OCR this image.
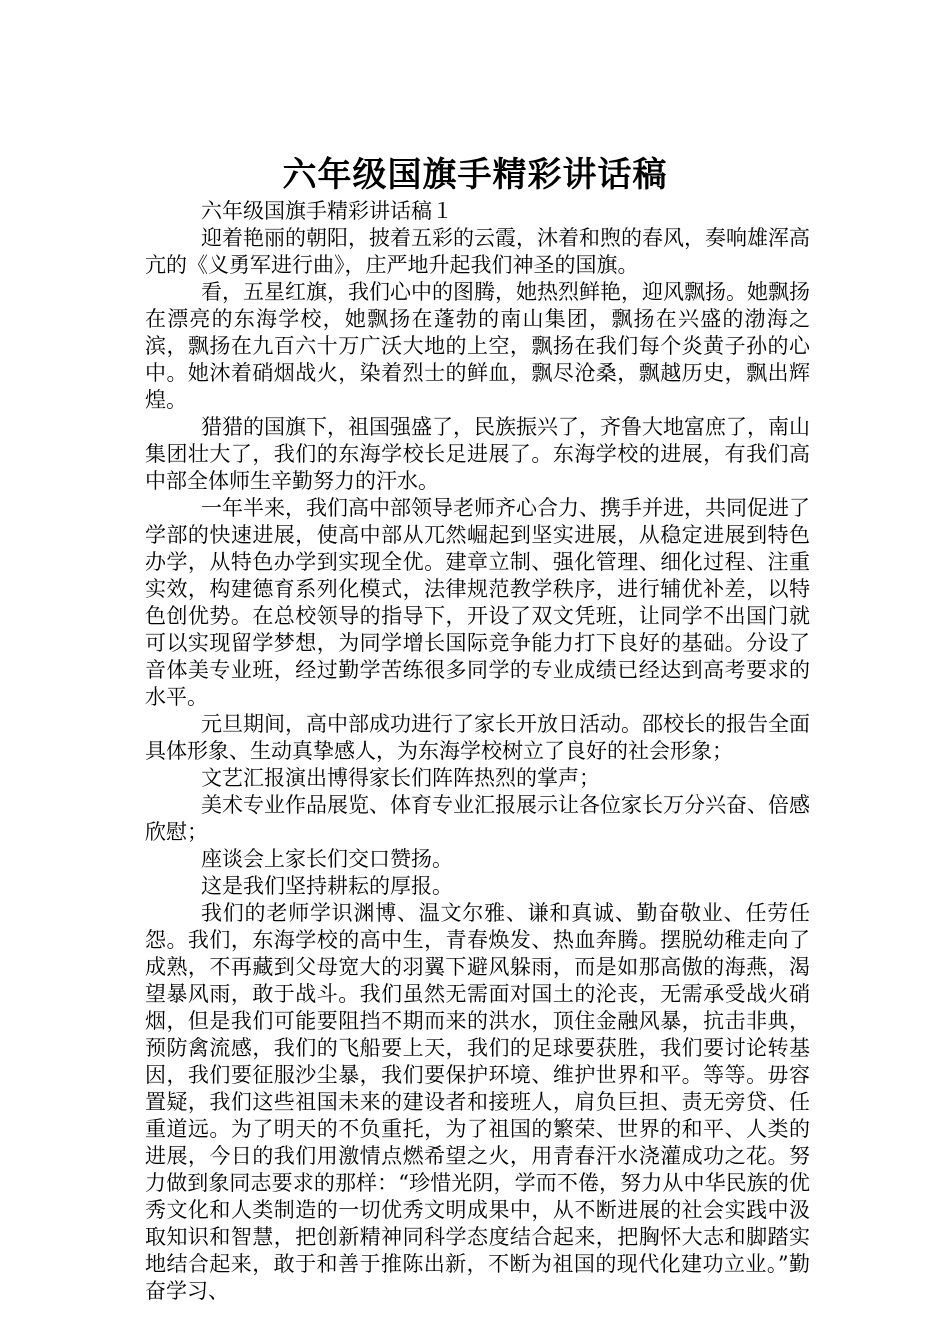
六年级国旗手精彩讲话稿

六年级国旗手精彩讲话稿１

迎着艳丽的朝阳，披着五彩的云霞，沐着和煦的春风，奏响雄浑高亢的《义勇军进行曲》，庄严地升起我们神圣的国旗。

看，五星红旗，我们心中的图腾，她热烈鲜艳，迎风飘扬。她飘扬在漂亮的东海学校，她飘扬在蓬勃的南山集团，飘扬在兴盛的渤海之滨，飘扬在九百六十万广沃大地的上空，飘扬在我们每个炎黄子孙的心中。她沐着硝烟战火，染着烈士的鲜血，飘尽沧桑，飘越历史，飘出辉煌。

猎猎的国旗下，祖国强盛了，民族振兴了，齐鲁大地富庶了，南山集团壮大了，我们的东海学校长足进展了。东海学校的进展，有我们高中部全体师生辛勤努力的汗水。

一年半来，我们高中部领导老师齐心合力、携手并进，共同促进了学部的快速进展，使高中部从兀然崛起到坚实进展，从稳定进展到特色办学，从特色办学到实现全优。建章立制、强化管理、细化过程、注重实效，构建德育系列化模式，法律规范教学秩序，进行辅优补差，以特色创优势。在总校领导的指导下，开设了双文凭班，让同学不出国门就可以实现留学梦想，为同学增长国际竞争能力打下良好的基础。分设了音体美专业班，经过勤学苦练很多同学的专业成绩已经达到高考要求的水平。

元旦期间，高中部成功进行了家长开放日活动。邵校长的报告全面具体形象、生动真挚感人，为东海学校树立了良好的社会形象；

文艺汇报演出博得家长们阵阵热烈的掌声；

美术专业作品展览、体育专业汇报展示让各位家长万分兴奋、倍感欣慰；

座谈会上家长们交口赞扬。

这是我们坚持耕耘的厚报。

我们的老师学识渊博、温文尔雅、谦和真诚、勤奋敬业、任劳任怨。我们，东海学校的高中生，青春焕发、热血奔腾。摆脱幼稚走向了成熟，不再藏到父母宽大的羽翼下避风躲雨，而是如那高傲的海燕，渴望暴风雨，敢于战斗。我们虽然无需面对国土的沦丧，无需承受战火硝烟，但是我们可能要阻挡不期而来的洪水，顶住金融风暴，抗击非典，预防禽流感，我们的飞船要上天，我们的足球要获胜，我们要讨论转基因，我们要征服沙尘暴，我们要保护环境、维护世界和平。等等。毋容置疑，我们这些祖国未来的建设者和接班人，肩负巨担、责无旁贷、任重道远。为了明天的不负重托，为了祖国的繁荣、世界的和平、人类的进展，今日的我们用激情点燃希望之火，用青春汗水浇灌成功之花。努力做到象同志要求的那样：“珍惜光阴，学而不倦，努力从中华民族的优秀文化和人类制造的一切优秀文明成果中，从不断进展的社会实践中汲取知识和智慧，把创新精神同科学态度结合起来，把胸怀大志和脚踏实地结合起来，敢于和善于推陈出新，不断为祖国的现代化建功立业。”勤奋学习、
